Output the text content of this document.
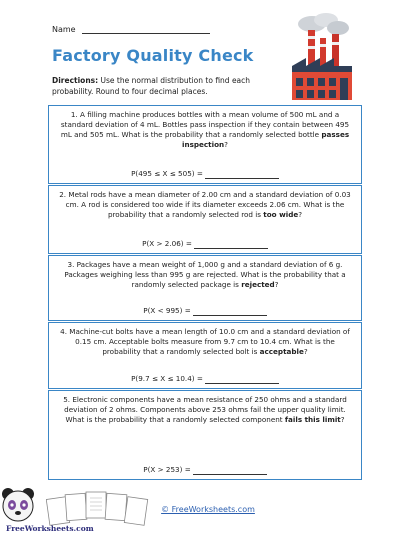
Name
Factory Quality Check
Directions: Use the normal distribution to find each probability. Round to four decimal places.
1. A filling machine produces bottles with a mean volume of 500 mL and a standard deviation of 4 mL. Bottles pass inspection if they contain between 495 mL and 505 mL. What is the probability that a randomly selected bottle passes inspection?
P(495 ≤ X ≤ 505) =
2. Metal rods have a mean diameter of 2.00 cm and a standard deviation of 0.03 cm. A rod is considered too wide if its diameter exceeds 2.06 cm. What is the probability that a randomly selected rod is too wide?
P(X > 2.06) =
3. Packages have a mean weight of 1,000 g and a standard deviation of 6 g. Packages weighing less than 995 g are rejected. What is the probability that a randomly selected package is rejected?
P(X < 995) =
4. Machine-cut bolts have a mean length of 10.0 cm and a standard deviation of 0.15 cm. Acceptable bolts measure from 9.7 cm to 10.4 cm. What is the probability that a randomly selected bolt is acceptable?
P(9.7 ≤ X ≤ 10.4) =
5. Electronic components have a mean resistance of 250 ohms and a standard deviation of 2 ohms. Components above 253 ohms fail the upper quality limit. What is the probability that a randomly selected component fails this limit?
P(X > 253) =
FreeWorksheets.com
© FreeWorksheets.com
